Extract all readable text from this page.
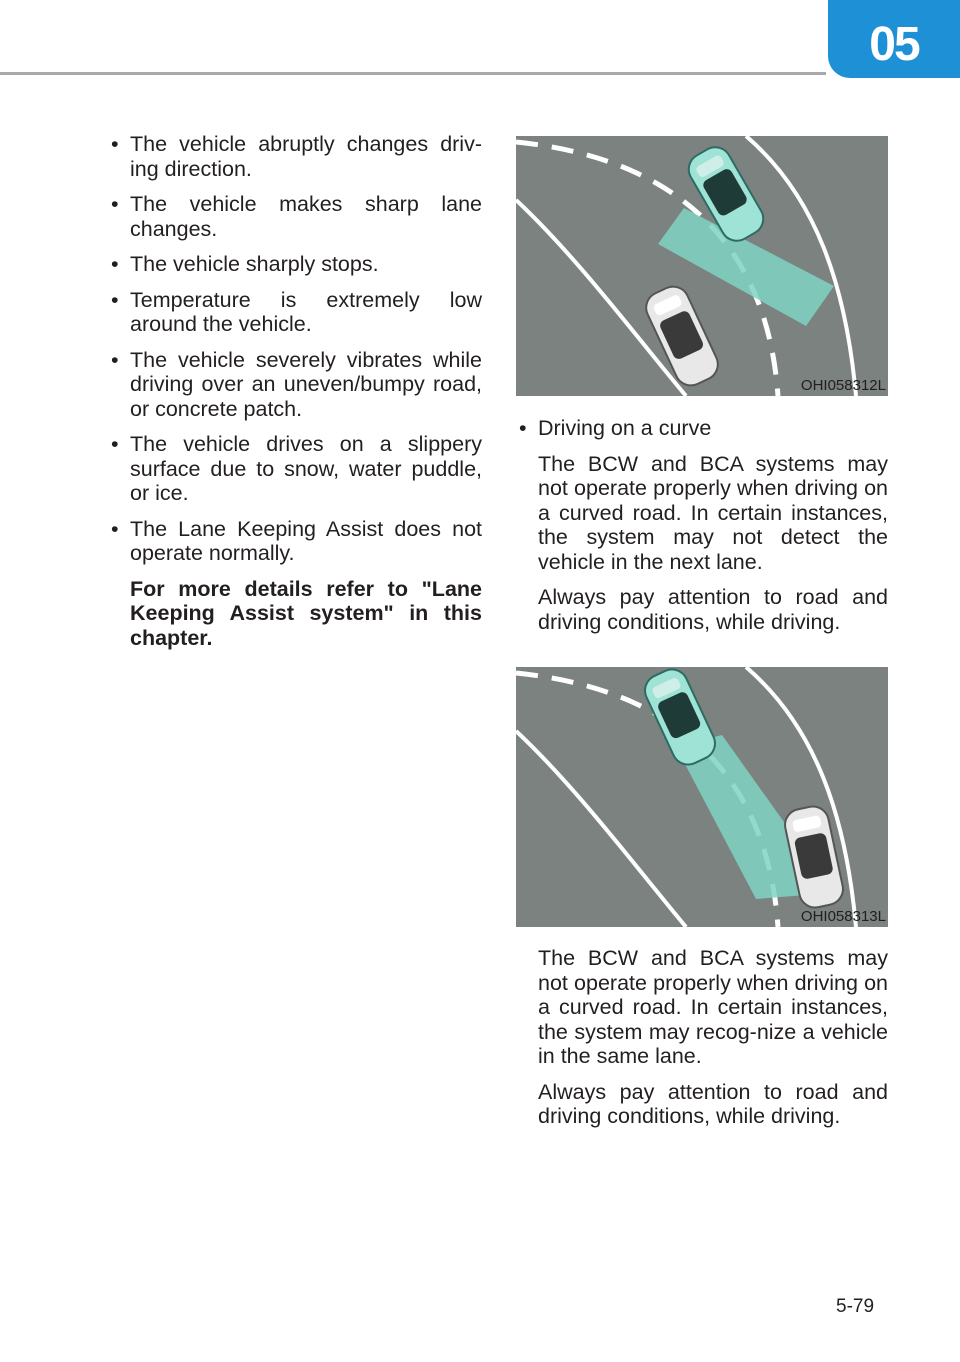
05
• The vehicle abruptly changes driv-ing direction.
• The vehicle makes sharp lane changes.
• The vehicle sharply stops.
• Temperature is extremely low around the vehicle.
• The vehicle severely vibrates while driving over an uneven/bumpy road, or concrete patch.
• The vehicle drives on a slippery surface due to snow, water puddle, or ice.
• The Lane Keeping Assist does not operate normally.
For more details refer to "Lane Keeping Assist system" in this chapter.
OHI058312L
• Driving on a curve
The BCW and BCA systems may not operate properly when driving on a curved road. In certain instances, the system may not detect the vehicle in the next lane.
Always pay attention to road and driving conditions, while driving.
OHI058313L
The BCW and BCA systems may not operate properly when driving on a curved road. In certain instances, the system may recog-nize a vehicle in the same lane.
Always pay attention to road and driving conditions, while driving.
5-79
